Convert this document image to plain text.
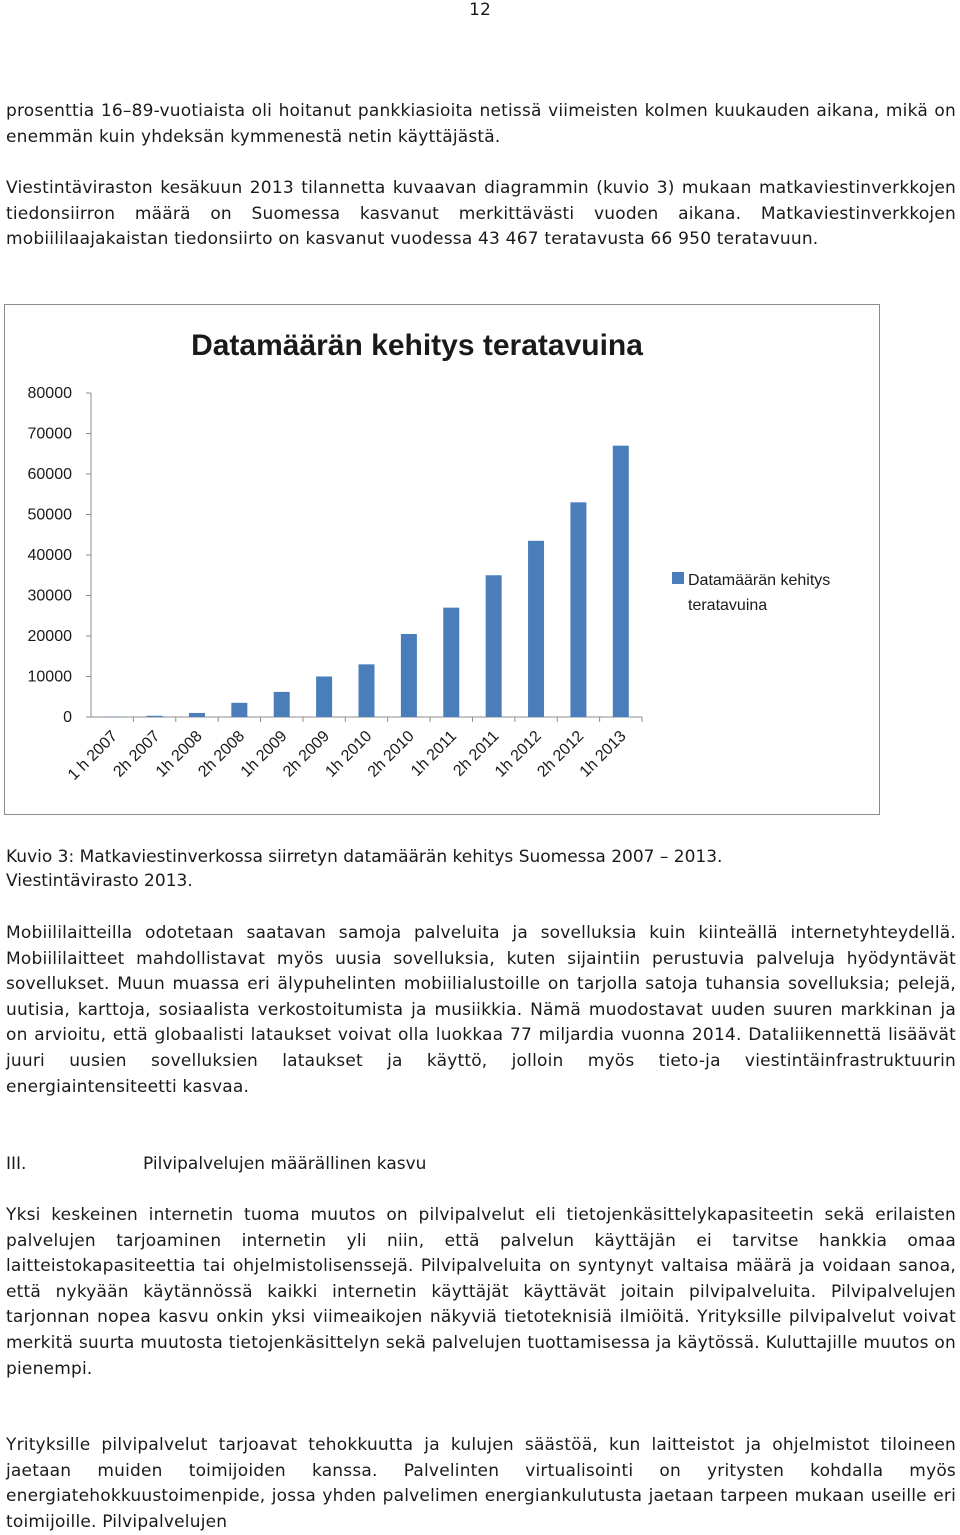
12

prosenttia 16–89-vuotiaista oli hoitanut pankkiasioita netissä viimeisten kolmen kuukauden aikana, mikä on enemmän kuin yhdeksän kymmenestä netin käyttäjästä.

Viestintäviraston kesäkuun 2013 tilannetta kuvaavan diagrammin (kuvio 3) mukaan matkaviestinverkkojen tiedonsiirron määrä on Suomessa kasvanut merkittävästi vuoden aikana. Matkaviestinverkkojen mobiililaajakaistan tiedonsiirto on kasvanut vuodessa 43 467 teratavusta 66 950 teratavuun.

Datamäärän kehitys teratavuina
0
10000
20000
30000
40000
50000
60000
70000
80000
1 h 2007
2h 2007
1h 2008
2h 2008
1h 2009
2h 2009
1h 2010
2h 2010
1h 2011
2h 2011
1h 2012
2h 2012
1h 2013
Datamäärän kehitys teratavuina

Kuvio 3: Matkaviestinverkossa siirretyn datamäärän kehitys Suomessa 2007 – 2013.
Viestintävirasto 2013.

Mobiililaitteilla odotetaan saatavan samoja palveluita ja sovelluksia kuin kiinteällä internetyhteydellä. Mobiililaitteet mahdollistavat myös uusia sovelluksia, kuten sijaintiin perustuvia palveluja hyödyntävät sovellukset. Muun muassa eri älypuhelinten mobiilialustoille on tarjolla satoja tuhansia sovelluksia; pelejä, uutisia, karttoja, sosiaalista verkostoitumista ja musiikkia. Nämä muodostavat uuden suuren markkinan ja on arvioitu, että globaalisti lataukset voivat olla luokkaa 77 miljardia vuonna 2014. Dataliikennettä lisäävät juuri uusien sovelluksien lataukset ja käyttö, jolloin myös tieto-ja viestintäinfrastruktuurin energiaintensiteetti kasvaa.

III.	Pilvipalvelujen määrällinen kasvu

Yksi keskeinen internetin tuoma muutos on pilvipalvelut eli tietojenkäsittelykapasiteetin sekä erilaisten palvelujen tarjoaminen internetin yli niin, että palvelun käyttäjän ei tarvitse hankkia omaa laitteistokapasiteettia tai ohjelmistolisenssejä. Pilvipalveluita on syntynyt valtaisa määrä ja voidaan sanoa, että nykyään käytännössä kaikki internetin käyttäjät käyttävät joitain pilvipalveluita. Pilvipalvelujen tarjonnan nopea kasvu onkin yksi viimeaikojen näkyviä tietoteknisiä ilmiöitä. Yrityksille pilvipalvelut voivat merkitä suurta muutosta tietojenkäsittelyn sekä palvelujen tuottamisessa ja käytössä. Kuluttajille muutos on pienempi.

Yrityksille pilvipalvelut tarjoavat tehokkuutta ja kulujen säästöä, kun laitteistot ja ohjelmistot tiloineen jaetaan muiden toimijoiden kanssa. Palvelinten virtualisointi on yritysten kohdalla myös energiatehokkuustoimenpide, jossa yhden palvelimen energiankulutusta jaetaan tarpeen mukaan useille eri toimijoille. Pilvipalvelujen
